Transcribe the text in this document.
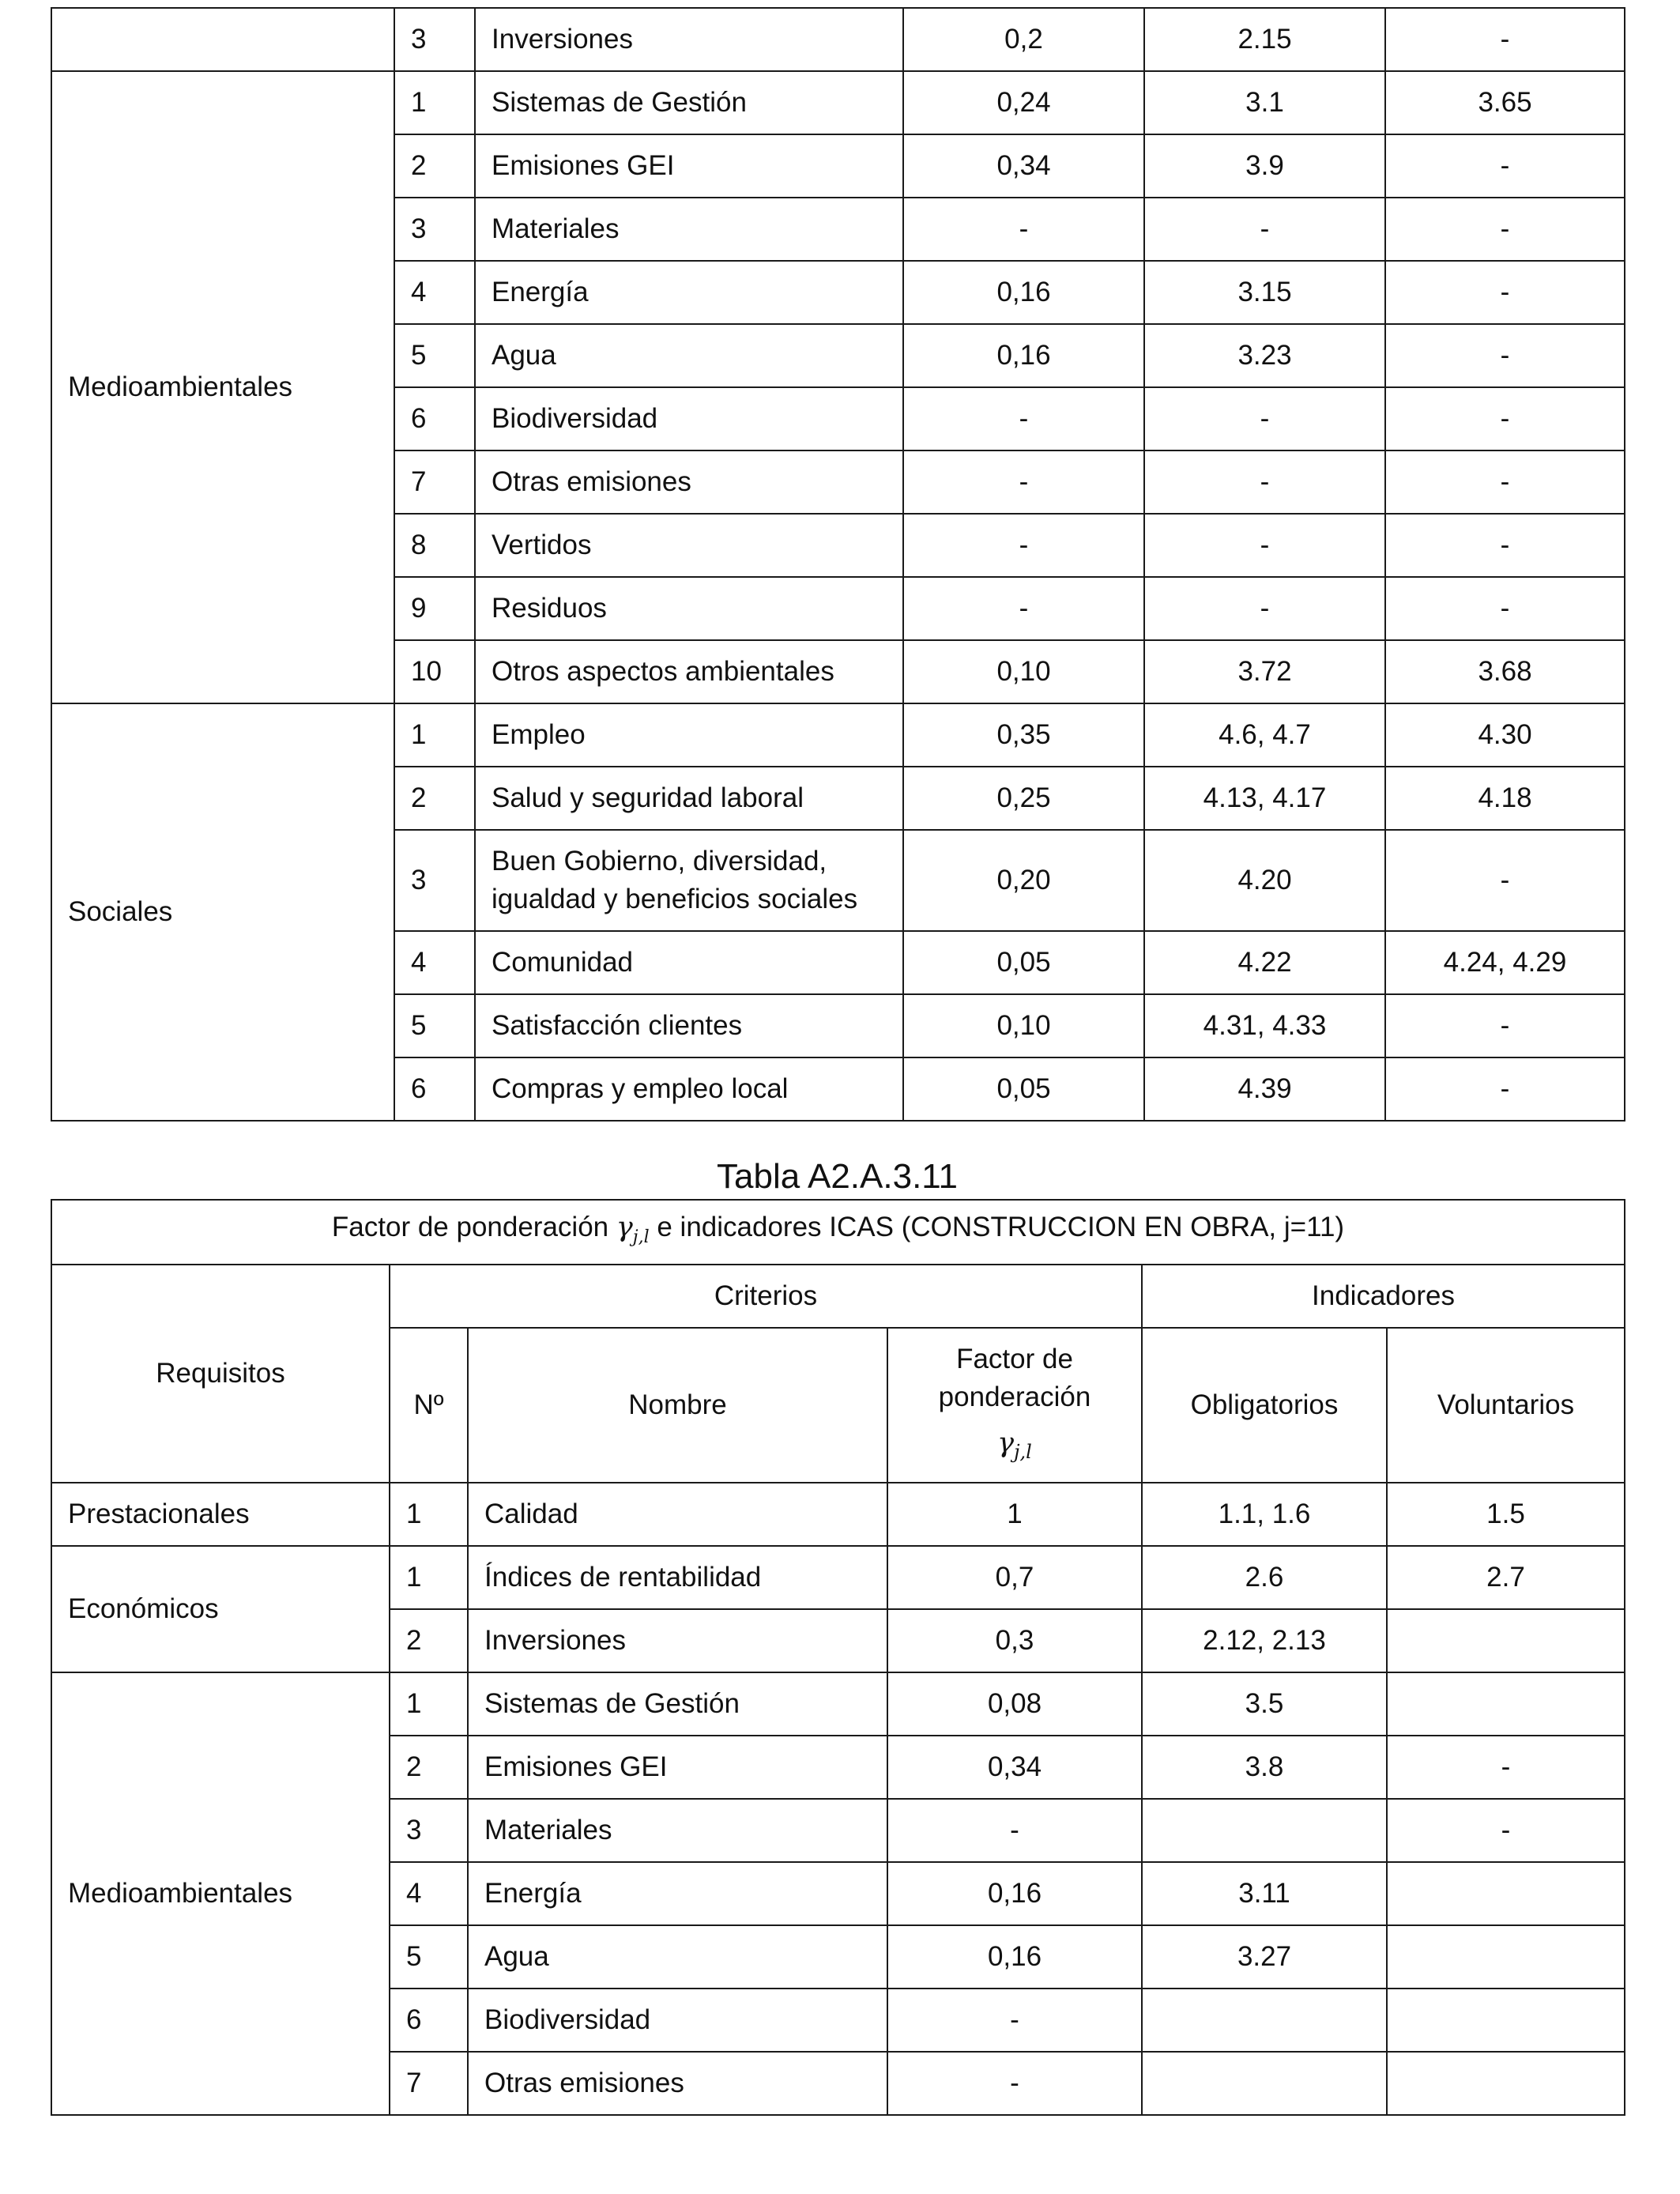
	3	Inversiones	0,2	2.15	-
Medioambientales	1	Sistemas de Gestión	0,24	3.1	3.65
	2	Emisiones GEI	0,34	3.9	-
	3	Materiales	-	-	-
	4	Energía	0,16	3.15	-
	5	Agua	0,16	3.23	-
	6	Biodiversidad	-	-	-
	7	Otras emisiones	-	-	-
	8	Vertidos	-	-	-
	9	Residuos	-	-	-
	10	Otros aspectos ambientales	0,10	3.72	3.68
Sociales	1	Empleo	0,35	4.6, 4.7	4.30
	2	Salud y seguridad laboral	0,25	4.13, 4.17	4.18
	3	Buen Gobierno, diversidad,
igualdad y beneficios sociales	0,20	4.20	-
	4	Comunidad	0,05	4.22	4.24, 4.29
	5	Satisfacción clientes	0,10	4.31, 4.33	-
	6	Compras y empleo local	0,05	4.39	-
Tabla A2.A.3.11
Factor de ponderación $\gamma_{j,l}$ e indicadores ICAS (CONSTRUCCION EN OBRA, j=11)					
Requisitos	Criterios			Indicadores	
	Nº	Nombre	Factor de
ponderación
$\gamma_{j,l}$	Obligatorios	Voluntarios
Prestacionales	1	Calidad	1	1.1, 1.6	1.5
Económicos	1	Índices de rentabilidad	0,7	2.6	2.7
	2	Inversiones	0,3	2.12, 2.13	
Medioambientales	1	Sistemas de Gestión	0,08	3.5	
	2	Emisiones GEI	0,34	3.8	-
	3	Materiales	-		-
	4	Energía	0,16	3.11	
	5	Agua	0,16	3.27	
	6	Biodiversidad	-		
	7	Otras emisiones	-		
